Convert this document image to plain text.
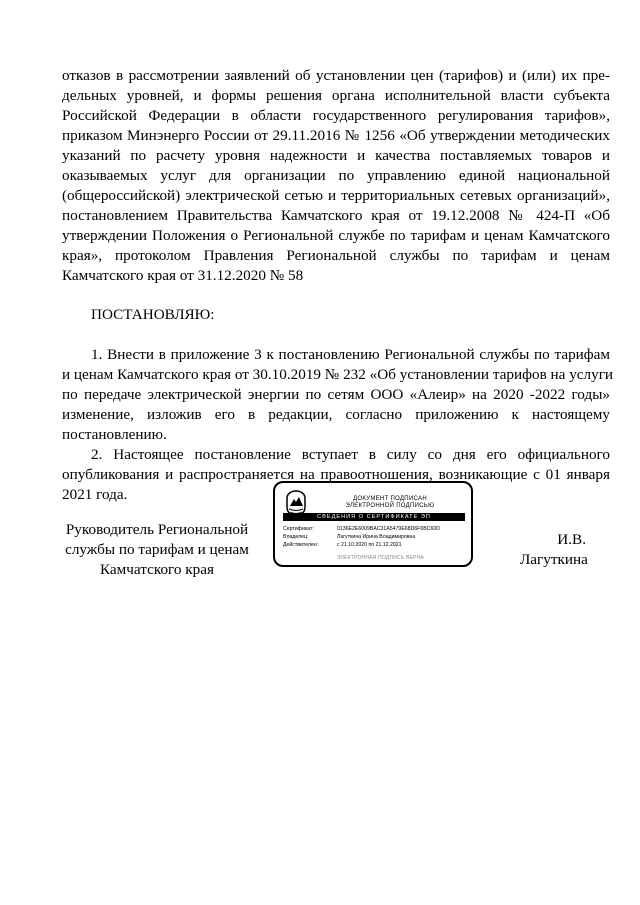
отказов в рассмотрении заявлений об установлении цен (тарифов) и (или) их пре-
дельных уровней, и формы решения органа исполнительной власти субъекта
Российской Федерации в области государственного регулирования тарифов»,
приказом Минэнерго России от 29.11.2016 № 1256 «Об утверждении методических
указаний по расчету уровня надежности и качества поставляемых товаров и
оказываемых услуг для организации по управлению единой национальной
(общероссийской) электрической сетью и территориальных сетевых организаций»,
постановлением Правительства Камчатского края от 19.12.2008 № 424-П «Об
утверждении Положения о Региональной службе по тарифам и ценам Камчатского
края», протоколом Правления Региональной службы по тарифам и ценам
Камчатского края от 31.12.2020 № 58
ПОСТАНОВЛЯЮ:
1. Внести в приложение 3 к постановлению Региональной службы по тарифам
и ценам Камчатского края от 30.10.2019 № 232 «Об установлении тарифов на услуги
по передаче электрической энергии по сетям ООО «Алеир» на 2020 -2022 годы»
изменение, изложив его в редакции, согласно приложению к настоящему
постановлению.
2. Настоящее постановление вступает в силу со дня его официального
опубликования и распространяется на правоотношения, возникающие с 01 января
2021 года.
Руководитель Региональной
службы по тарифам и ценам
Камчатского края
ДОКУМЕНТ ПОДПИСАН
ЭЛЕКТРОННОЙ ПОДПИСЬЮ
СВЕДЕНИЯ О СЕРТИФИКАТЕ ЭП
Сертификат:	0136E2E6009BAC31A5479E68D6F6BC60D
Владелец:	Лагуткина Ирина Владимировна
Действителен:	с 21.10.2020 по 21.12.2021
ЭЛЕКТРОННАЯ ПОДПИСЬ ВЕРНА
И.В.
Лагуткина
